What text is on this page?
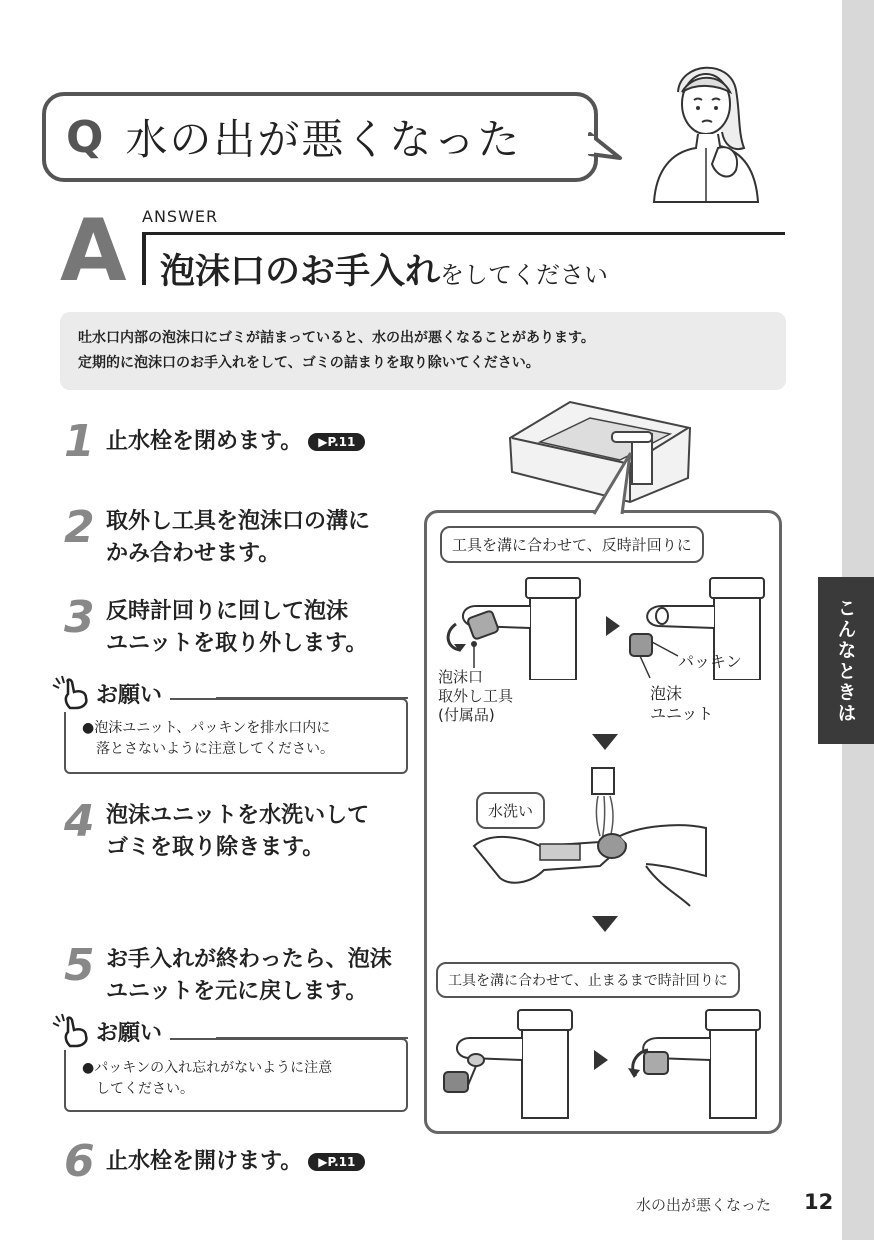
こんなときは
Q 水の出が悪くなった
A ANSWER
泡沫口のお手入れをしてください
吐水口内部の泡沫口にゴミが詰まっていると、水の出が悪くなることがあります。
定期的に泡沫口のお手入れをして、ゴミの詰まりを取り除いてください。
1 止水栓を閉めます。	▶P.11
2 取外し工具を泡沫口の溝に
かみ合わせます。
3 反時計回りに回して泡沫
ユニットを取り外します。
●泡沫ユニット、パッキンを排水口内に
落とさないように注意してください。
お願い
4 泡沫ユニットを水洗いして
ゴミを取り除きます。
5 お手入れが終わったら、泡沫
ユニットを元に戻します。
●パッキンの入れ忘れがないように注意
してください。
お願い
6 止水栓を開けます。	▶P.11
工具を溝に合わせて、反時計回りに
泡沫口
取外し工具
(付属品)
パッキン
泡沫
ユニット
水洗い
工具を溝に合わせて、止まるまで時計回りに
水の出が悪くなった 12
